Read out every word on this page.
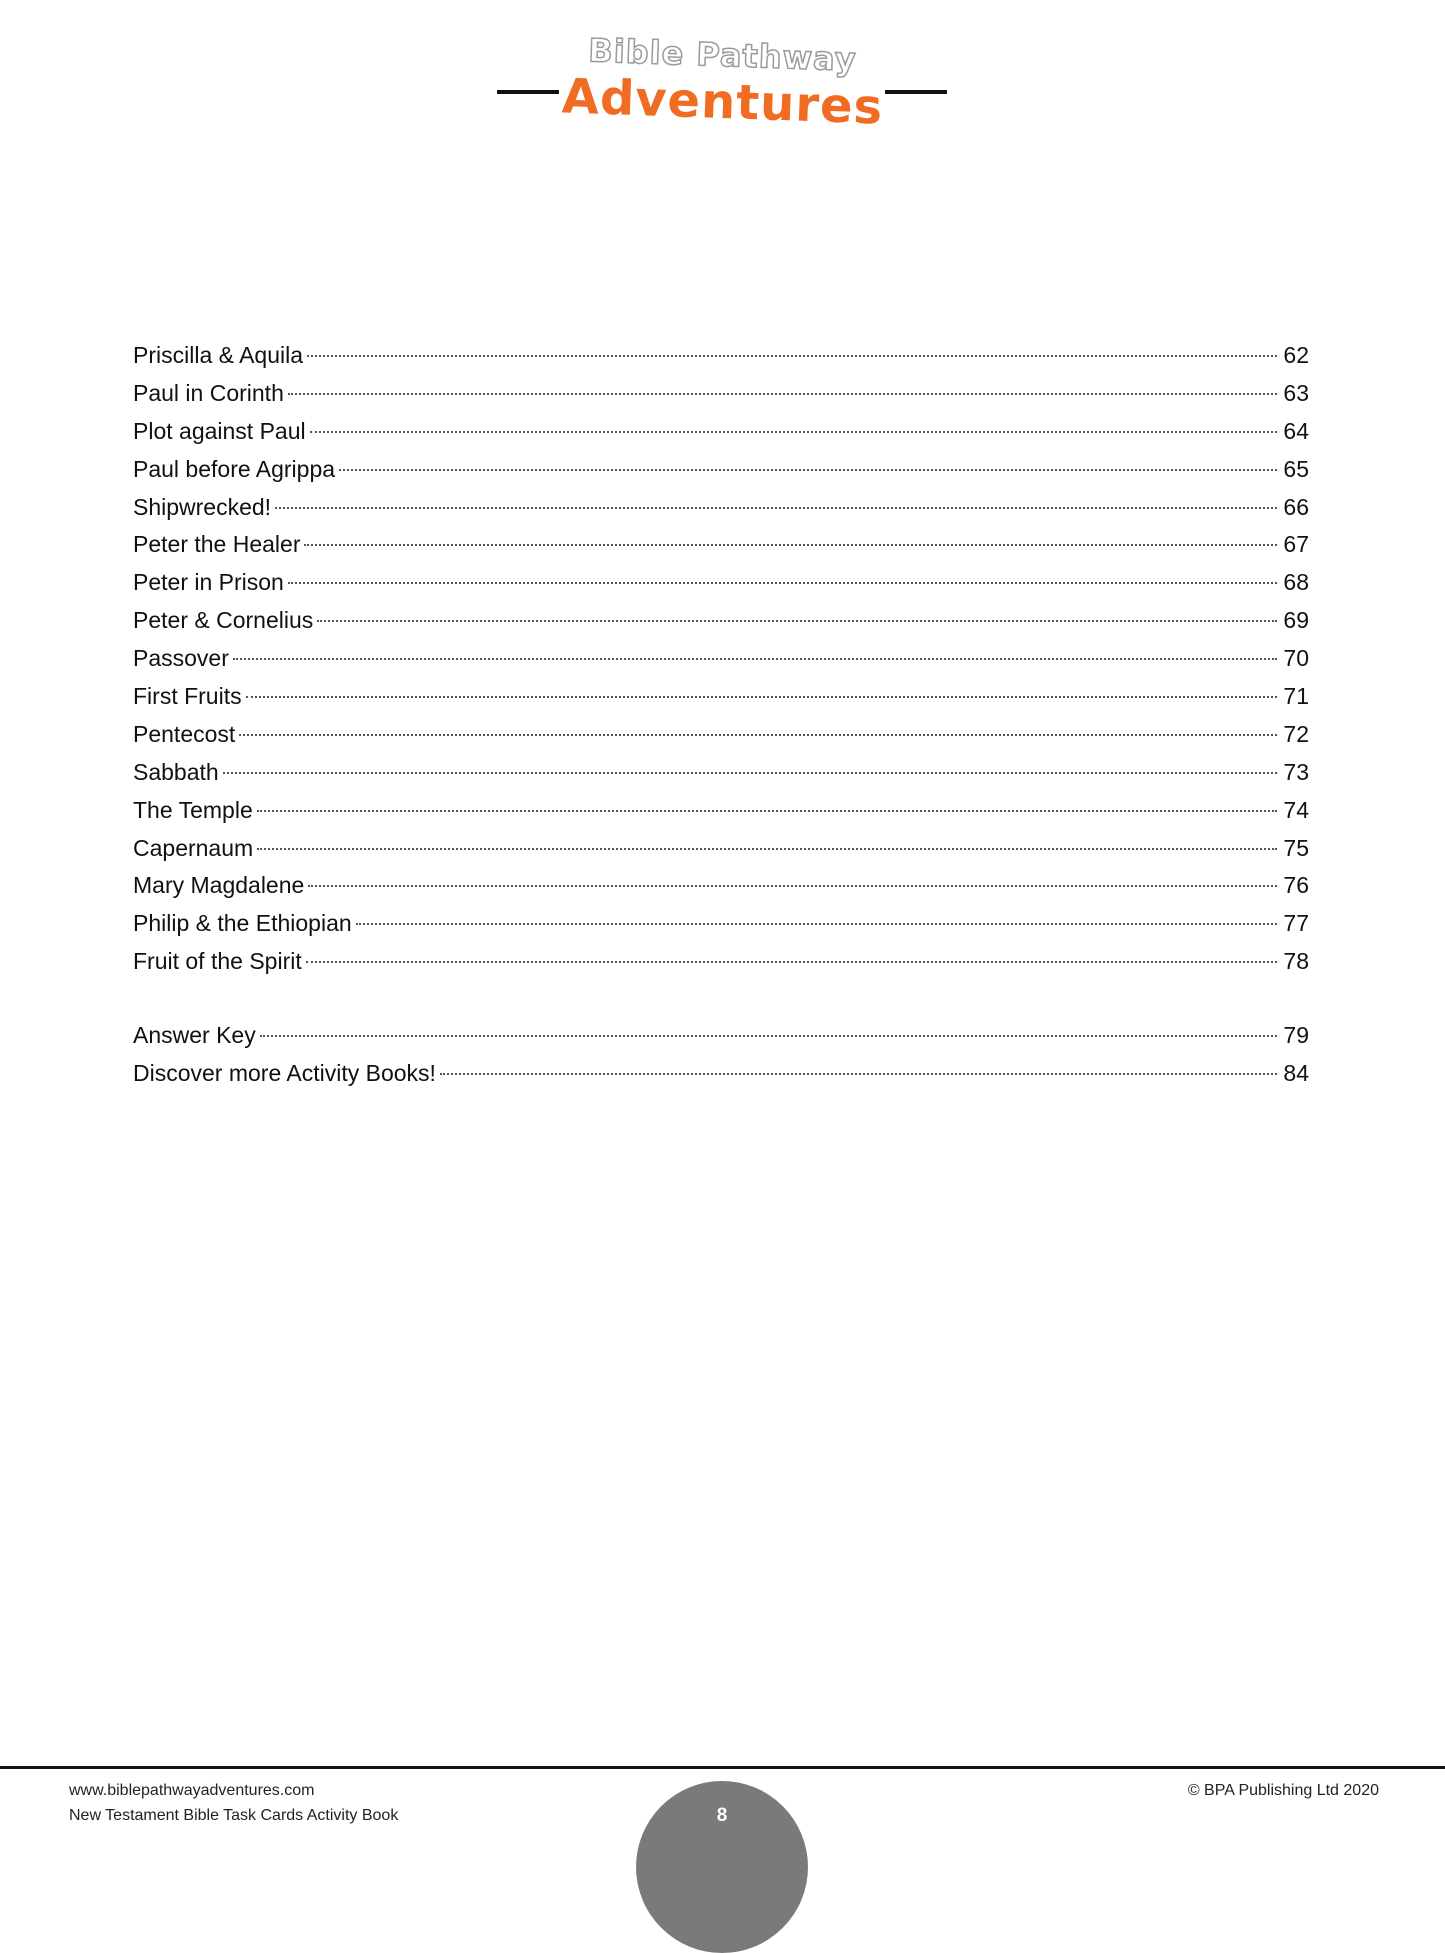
Bible Pathway
Adventures
Priscilla & Aquila	62
Paul in Corinth	63
Plot against Paul	64
Paul before Agrippa	65
Shipwrecked!	66
Peter the Healer	67
Peter in Prison	68
Peter & Cornelius	69
Passover	70
First Fruits	71
Pentecost	72
Sabbath	73
The Temple	74
Capernaum	75
Mary Magdalene	76
Philip & the Ethiopian	77
Fruit of the Spirit	78
Answer Key	79
Discover more Activity Books!	84
www.biblepathwayadventures.com
New Testament Bible Task Cards Activity Book
© BPA Publishing Ltd 2020
8
